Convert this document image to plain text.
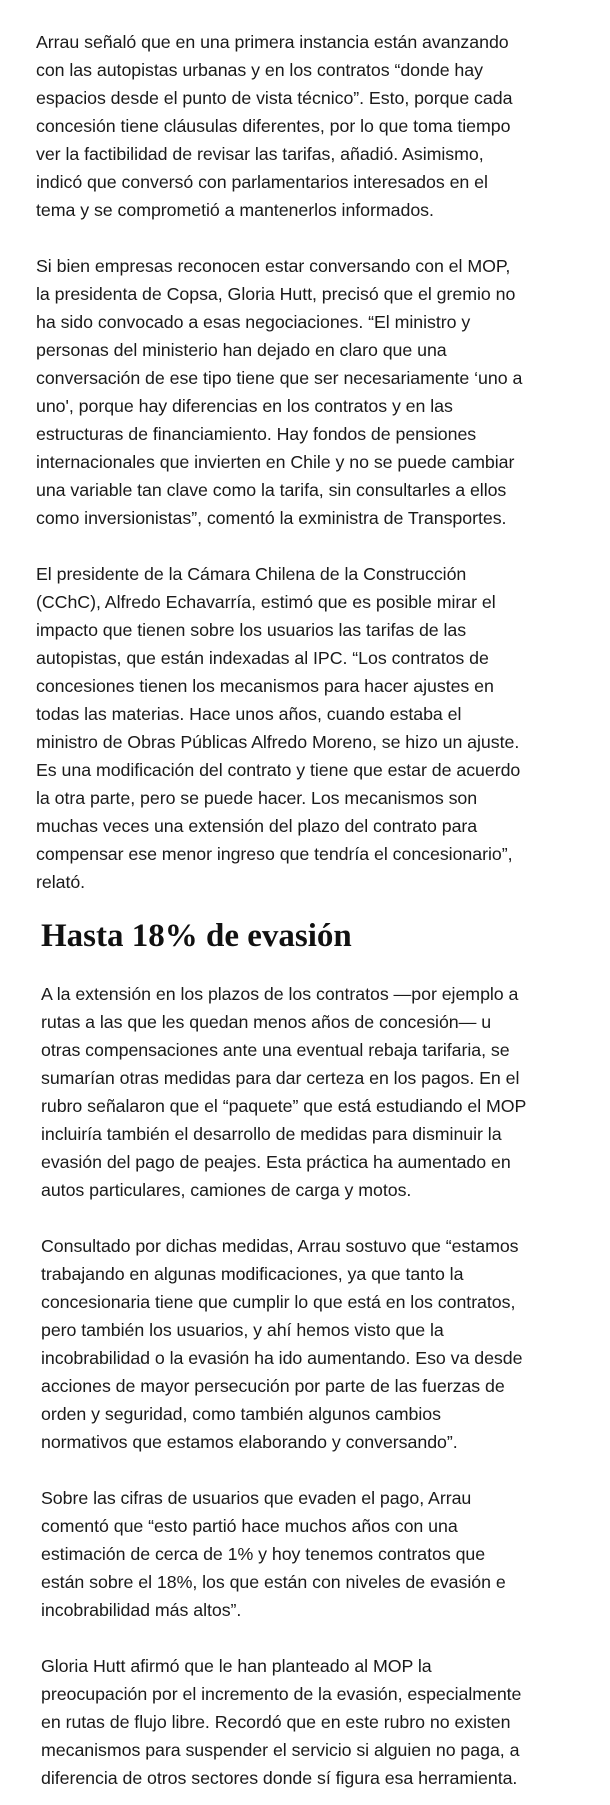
Arrau señaló que en una primera instancia están avanzando
con las autopistas urbanas y en los contratos “donde hay
espacios desde el punto de vista técnico”. Esto, porque cada
concesión tiene cláusulas diferentes, por lo que toma tiempo
ver la factibilidad de revisar las tarifas, añadió. Asimismo,
indicó que conversó con parlamentarios interesados en el
tema y se comprometió a mantenerlos informados.

Si bien empresas reconocen estar conversando con el MOP,
la presidenta de Copsa, Gloria Hutt, precisó que el gremio no
ha sido convocado a esas negociaciones. “El ministro y
personas del ministerio han dejado en claro que una
conversación de ese tipo tiene que ser necesariamente ‘uno a
uno', porque hay diferencias en los contratos y en las
estructuras de financiamiento. Hay fondos de pensiones
internacionales que invierten en Chile y no se puede cambiar
una variable tan clave como la tarifa, sin consultarles a ellos
como inversionistas”, comentó la exministra de Transportes.

El presidente de la Cámara Chilena de la Construcción
(CChC), Alfredo Echavarría, estimó que es posible mirar el
impacto que tienen sobre los usuarios las tarifas de las
autopistas, que están indexadas al IPC. “Los contratos de
concesiones tienen los mecanismos para hacer ajustes en
todas las materias. Hace unos años, cuando estaba el
ministro de Obras Públicas Alfredo Moreno, se hizo un ajuste.
Es una modificación del contrato y tiene que estar de acuerdo
la otra parte, pero se puede hacer. Los mecanismos son
muchas veces una extensión del plazo del contrato para
compensar ese menor ingreso que tendría el concesionario”,
relató.

Hasta 18% de evasión

A la extensión en los plazos de los contratos —por ejemplo a
rutas a las que les quedan menos años de concesión— u
otras compensaciones ante una eventual rebaja tarifaria, se
sumarían otras medidas para dar certeza en los pagos. En el
rubro señalaron que el “paquete” que está estudiando el MOP
incluiría también el desarrollo de medidas para disminuir la
evasión del pago de peajes. Esta práctica ha aumentado en
autos particulares, camiones de carga y motos.

Consultado por dichas medidas, Arrau sostuvo que “estamos
trabajando en algunas modificaciones, ya que tanto la
concesionaria tiene que cumplir lo que está en los contratos,
pero también los usuarios, y ahí hemos visto que la
incobrabilidad o la evasión ha ido aumentando. Eso va desde
acciones de mayor persecución por parte de las fuerzas de
orden y seguridad, como también algunos cambios
normativos que estamos elaborando y conversando”.

Sobre las cifras de usuarios que evaden el pago, Arrau
comentó que “esto partió hace muchos años con una
estimación de cerca de 1% y hoy tenemos contratos que
están sobre el 18%, los que están con niveles de evasión e
incobrabilidad más altos”.

Gloria Hutt afirmó que le han planteado al MOP la
preocupación por el incremento de la evasión, especialmente
en rutas de flujo libre. Recordó que en este rubro no existen
mecanismos para suspender el servicio si alguien no paga, a
diferencia de otros sectores donde sí figura esa herramienta.
